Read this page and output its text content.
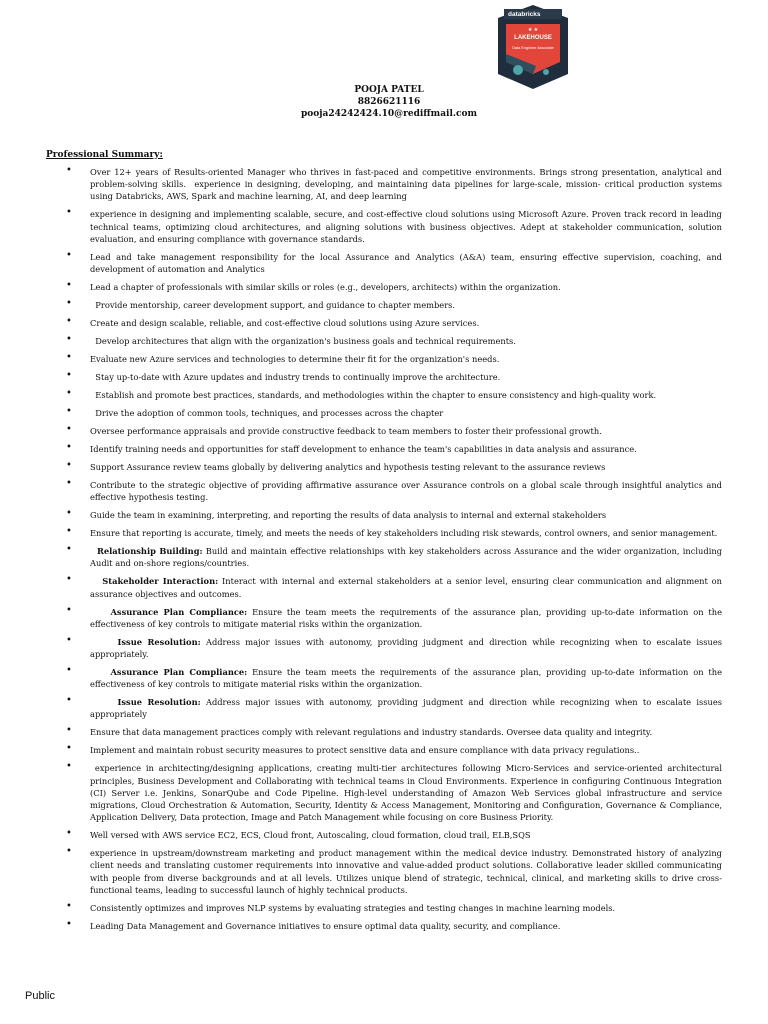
databricks
★ ★
LAKEHOUSE
Data Engineer Associate
POOJA PATEL
8826621116
pooja24242424.10@rediffmail.com
Professional Summary:
• Over 12+ years of Results-oriented Manager who thrives in fast-paced and competitive environments. Brings strong presentation, analytical and problem-solving skills.  experience in designing, developing, and maintaining data pipelines for large-scale, mission- critical production systems using Databricks, AWS, Spark and machine learning, AI, and deep learning
• experience in designing and implementing scalable, secure, and cost-effective cloud solutions using Microsoft Azure. Proven track record in leading technical teams, optimizing cloud architectures, and aligning solutions with business objectives. Adept at stakeholder communication, solution evaluation, and ensuring compliance with governance standards.
• Lead and take management responsibility for the local Assurance and Analytics (A&A) team, ensuring effective supervision, coaching, and development of automation and Analytics
• Lead a chapter of professionals with similar skills or roles (e.g., developers, architects) within the organization.
• Provide mentorship, career development support, and guidance to chapter members.
• Create and design scalable, reliable, and cost-effective cloud solutions using Azure services.
• Develop architectures that align with the organization's business goals and technical requirements.
• Evaluate new Azure services and technologies to determine their fit for the organization's needs.
• Stay up-to-date with Azure updates and industry trends to continually improve the architecture.
• Establish and promote best practices, standards, and methodologies within the chapter to ensure consistency and high-quality work.
• Drive the adoption of common tools, techniques, and processes across the chapter
• Oversee performance appraisals and provide constructive feedback to team members to foster their professional growth.
• Identify training needs and opportunities for staff development to enhance the team's capabilities in data analysis and assurance.
• Support Assurance review teams globally by delivering analytics and hypothesis testing relevant to the assurance reviews
• Contribute to the strategic objective of providing affirmative assurance over Assurance controls on a global scale through insightful analytics and effective hypothesis testing.
• Guide the team in examining, interpreting, and reporting the results of data analysis to internal and external stakeholders
• Ensure that reporting is accurate, timely, and meets the needs of key stakeholders including risk stewards, control owners, and senior management.
• Relationship Building: Build and maintain effective relationships with key stakeholders across Assurance and the wider organization, including Audit and on-shore regions/countries.
• Stakeholder Interaction: Interact with internal and external stakeholders at a senior level, ensuring clear communication and alignment on assurance objectives and outcomes.
• Assurance Plan Compliance: Ensure the team meets the requirements of the assurance plan, providing up-to-date information on the effectiveness of key controls to mitigate material risks within the organization.
• Issue Resolution: Address major issues with autonomy, providing judgment and direction while recognizing when to escalate issues appropriately.
• Assurance Plan Compliance: Ensure the team meets the requirements of the assurance plan, providing up-to-date information on the effectiveness of key controls to mitigate material risks within the organization.
• Issue Resolution: Address major issues with autonomy, providing judgment and direction while recognizing when to escalate issues appropriately
• Ensure that data management practices comply with relevant regulations and industry standards. Oversee data quality and integrity.
• Implement and maintain robust security measures to protect sensitive data and ensure compliance with data privacy regulations..
• experience in architecting/designing applications, creating multi-tier architectures following Micro-Services and service-oriented architectural principles, Business Development and Collaborating with technical teams in Cloud Environments. Experience in configuring Continuous Integration (CI) Server i.e. Jenkins, SonarQube and Code Pipeline. High-level understanding of Amazon Web Services global infrastructure and service migrations, Cloud Orchestration & Automation, Security, Identity & Access Management, Monitoring and Configuration, Governance & Compliance, Application Delivery, Data protection, Image and Patch Management while focusing on core Business Priority.
• Well versed with AWS service EC2, ECS, Cloud front, Autoscaling, cloud formation, cloud trail, ELB,SQS
• experience in upstream/downstream marketing and product management within the medical device industry. Demonstrated history of analyzing client needs and translating customer requirements into innovative and value-added product solutions. Collaborative leader skilled communicating with people from diverse backgrounds and at all levels. Utilizes unique blend of strategic, technical, clinical, and marketing skills to drive cross-functional teams, leading to successful launch of highly technical products.
• Consistently optimizes and improves NLP systems by evaluating strategies and testing changes in machine learning models.
• Leading Data Management and Governance initiatives to ensure optimal data quality, security, and compliance.
Public
